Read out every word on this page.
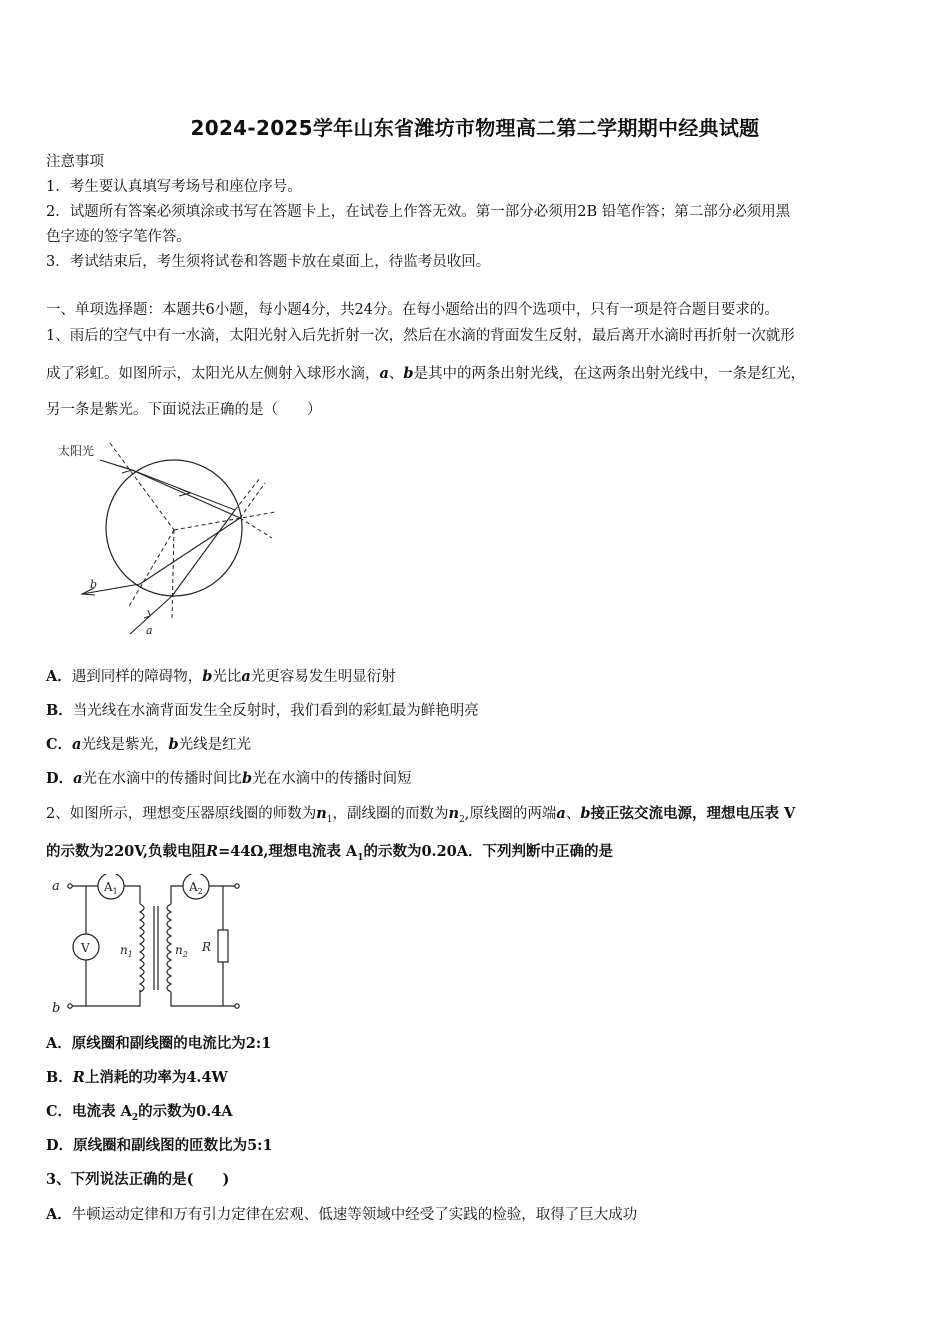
2024-2025学年山东省潍坊市物理高二第二学期期中经典试题
注意事项
1．考生要认真填写考场号和座位序号。
2．试题所有答案必须填涂或书写在答题卡上，在试卷上作答无效。第一部分必须用2B 铅笔作答；第二部分必须用黑
色字迹的签字笔作答。
3．考试结束后，考生须将试卷和答题卡放在桌面上，待监考员收回。
一、单项选择题：本题共6小题，每小题4分，共24分。在每小题给出的四个选项中，只有一项是符合题目要求的。
1、雨后的空气中有一水滴，太阳光射入后先折射一次，然后在水滴的背面发生反射，最后离开水滴时再折射一次就形
成了彩虹。如图所示，太阳光从左侧射入球形水滴，a、b是其中的两条出射光线，在这两条出射光线中，一条是红光，
另一条是紫光。下面说法正确的是（　　）
太阳光
b
a
A．遇到同样的障碍物，b光比a光更容易发生明显衍射
B．当光线在水滴背面发生全反射时，我们看到的彩虹最为鲜艳明亮
C．a光线是紫光，b光线是红光
D．a光在水滴中的传播时间比b光在水滴中的传播时间短
2、如图所示，理想变压器原线圈的师数为$n_1$，副线圈的而数为$n_2$,原线圈的两端a、b接正弦交流电源，理想电压表 V
的示数为220V,负载电阻R=44Ω,理想电流表 $A_1$的示数为0.20A．下列判断中正确的是
a
b
$A_1$	$A_2$
V	$n_1$	$n_2$
R
A．原线圈和副线圈的电流比为2:1
B．R上消耗的功率为4.4W
C．电流表 $A_2$的示数为0.4A
D．原线圈和副线图的匝数比为5:1
3、下列说法正确的是(　　)
A．牛顿运动定律和万有引力定律在宏观、低速等领域中经受了实践的检验，取得了巨大成功
